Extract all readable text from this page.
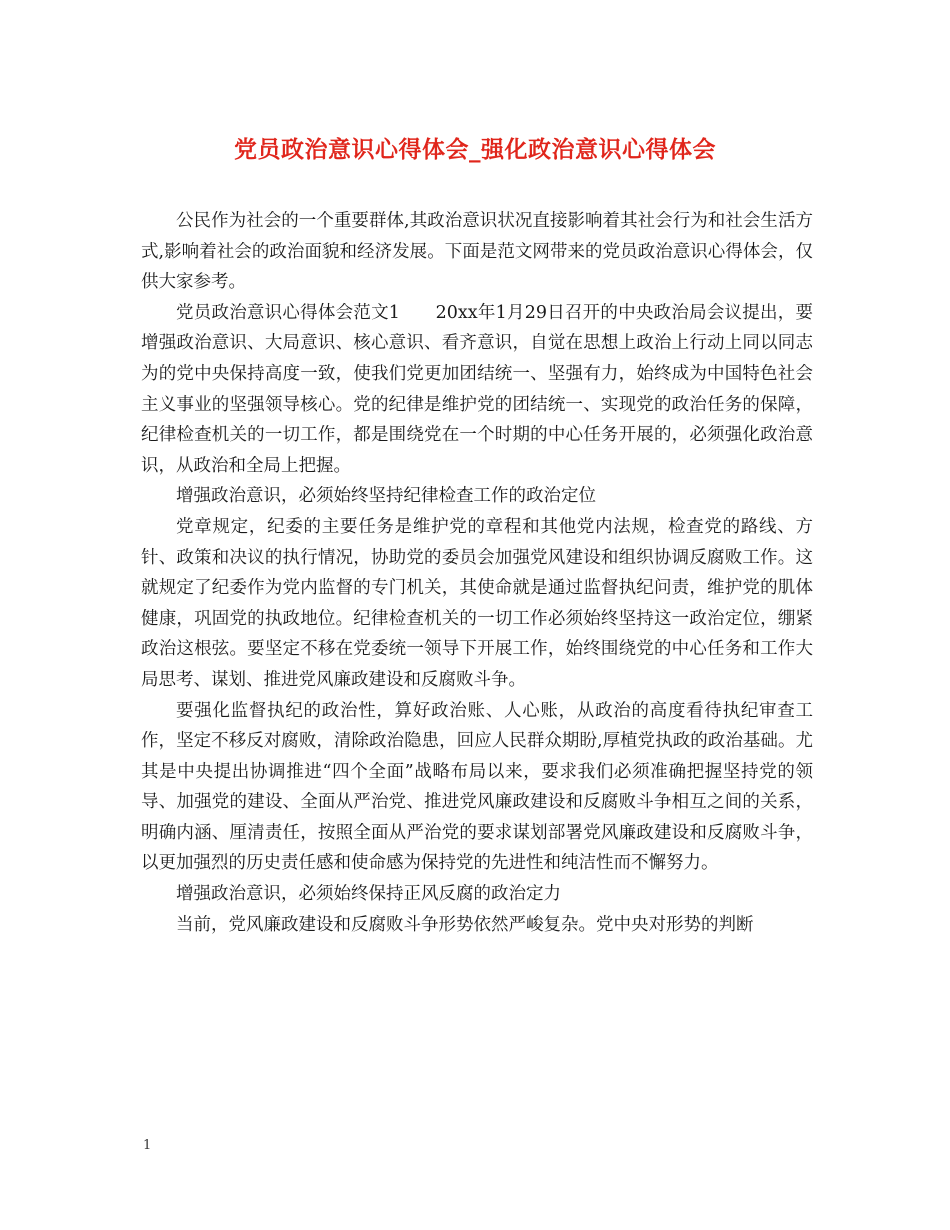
党员政治意识心得体会_强化政治意识心得体会

公民作为社会的一个重要群体,其政治意识状况直接影响着其社会行为和社会生活方式,影响着社会的政治面貌和经济发展。下面是范文网带来的党员政治意识心得体会，仅供大家参考。

党员政治意识心得体会范文1　　20xx年1月29日召开的中央政治局会议提出，要增强政治意识、大局意识、核心意识、看齐意识，自觉在思想上政治上行动上同以同志为的党中央保持高度一致，使我们党更加团结统一、坚强有力，始终成为中国特色社会主义事业的坚强领导核心。党的纪律是维护党的团结统一、实现党的政治任务的保障，纪律检查机关的一切工作，都是围绕党在一个时期的中心任务开展的，必须强化政治意识，从政治和全局上把握。

增强政治意识，必须始终坚持纪律检查工作的政治定位

党章规定，纪委的主要任务是维护党的章程和其他党内法规，检查党的路线、方针、政策和决议的执行情况，协助党的委员会加强党风建设和组织协调反腐败工作。这就规定了纪委作为党内监督的专门机关，其使命就是通过监督执纪问责，维护党的肌体健康，巩固党的执政地位。纪律检查机关的一切工作必须始终坚持这一政治定位，绷紧政治这根弦。要坚定不移在党委统一领导下开展工作，始终围绕党的中心任务和工作大局思考、谋划、推进党风廉政建设和反腐败斗争。

要强化监督执纪的政治性，算好政治账、人心账，从政治的高度看待执纪审查工作，坚定不移反对腐败，清除政治隐患，回应人民群众期盼,厚植党执政的政治基础。尤其是中央提出协调推进“四个全面”战略布局以来，要求我们必须准确把握坚持党的领导、加强党的建设、全面从严治党、推进党风廉政建设和反腐败斗争相互之间的关系，明确内涵、厘清责任，按照全面从严治党的要求谋划部署党风廉政建设和反腐败斗争，以更加强烈的历史责任感和使命感为保持党的先进性和纯洁性而不懈努力。

增强政治意识，必须始终保持正风反腐的政治定力

当前，党风廉政建设和反腐败斗争形势依然严峻复杂。党中央对形势的判断

1
